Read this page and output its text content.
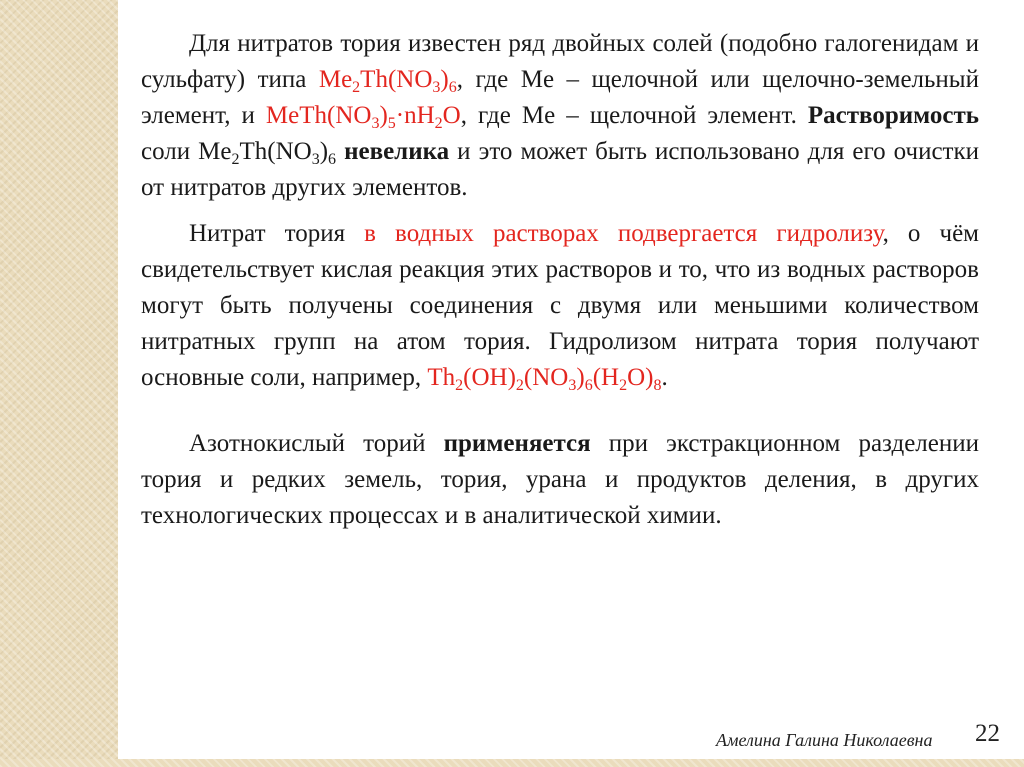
Для нитратов тория известен ряд двойных солей (подобно галогенидам и сульфату) типа $Me_2Th(NO_3)_6$, где Me – щелочной или щелочно-земельный элемент, и $MeTh(NO_3)_5\cdot nH_2O$, где Me – щелочной элемент. Растворимость соли $Me_2Th(NO_3)_6$ невелика и это может быть использовано для его очистки от нитратов других элементов.

Нитрат тория в водных растворах подвергается гидролизу, о чём свидетельствует кислая реакция этих растворов и то, что из водных растворов могут быть получены соединения с двумя или меньшими количеством нитратных групп на атом тория. Гидролизом нитрата тория получают основные соли, например, $Th_2(OH)_2(NO_3)_6(H_2O)_8$.

Азотнокислый торий применяется при экстракционном разделении тория и редких земель, тория, урана и продуктов деления, в других технологических процессах и в аналитической химии.

Амелина Галина Николаевна 22
